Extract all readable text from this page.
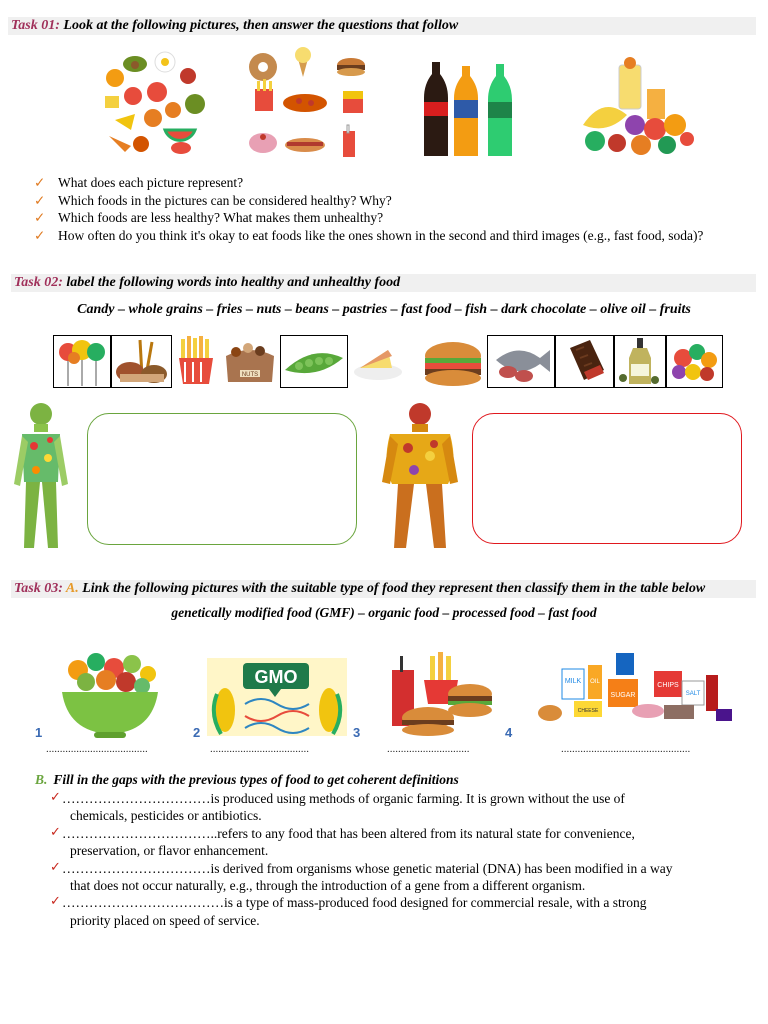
Task 01: Look at the following pictures, then answer the questions that follow
✓ What does each picture represent?
✓ Which foods in the pictures can be considered healthy? Why?
✓ Which foods are less healthy? What makes them unhealthy?
✓ How often do you think it's okay to eat foods like the ones shown in the second and third images (e.g., fast food, soda)?
Task 02: label the following words into healthy and unhealthy food
Candy – whole grains – fries – nuts – beans – pastries – fast food – fish – dark chocolate – olive oil – fruits
NUTS
Task 03: A. Link the following pictures with the suitable type of food they represent then classify them in the table below
genetically modified food (GMF) – organic food – processed food – fast food
GMO	MILK OIL
SUGAR
CHIPS
SALT
CHEESE
1	2	3	4
.....................................	....................................	..............................	...............................................
B. Fill in the gaps with the previous types of food to get coherent definitions
✓ ……………………………is produced using methods of organic farming. It is grown without the use of
chemicals, pesticides or antibiotics.
✓ ……………………………..refers to any food that has been altered from its natural state for convenience,
preservation, or flavor enhancement.
✓ ……………………………is derived from organisms whose genetic material (DNA) has been modified in a way
that does not occur naturally, e.g., through the introduction of a gene from a different organism.
✓ ………………………………is a type of mass-produced food designed for commercial resale, with a strong
priority placed on speed of service.
